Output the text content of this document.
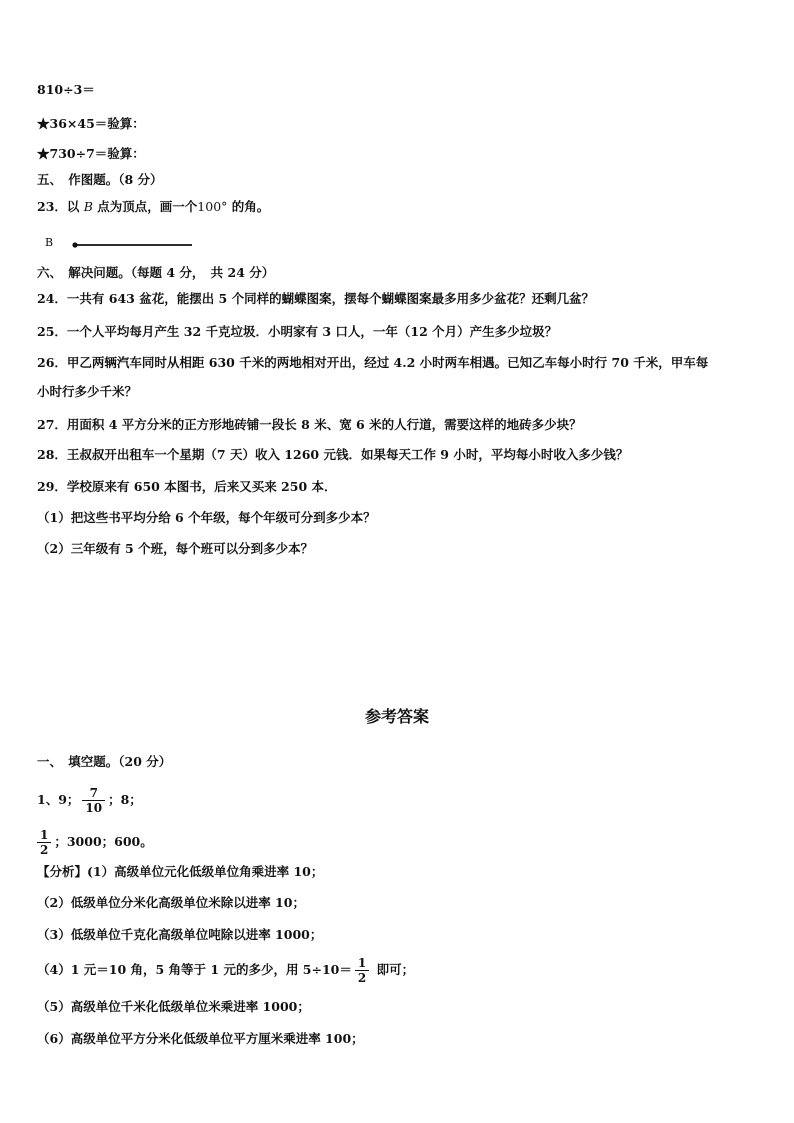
810÷3＝
★36×45＝验算：
★730÷7＝验算：
五、　作图题。（8 分）
23．以 B 点为顶点，画一个100° 的角。
B
六、　解决问题。（每题 4 分，　共 24 分）
24．一共有 643 盆花，能摆出 5 个同样的蝴蝶图案，摆每个蝴蝶图案最多用多少盆花？还剩几盆？
25．一个人平均每月产生 32 千克垃圾．小明家有 3 口人，一年（12 个月）产生多少垃圾？
26．甲乙两辆汽车同时从相距 630 千米的两地相对开出，经过 4.2 小时两车相遇。已知乙车每小时行 70 千米，甲车每
小时行多少千米？
27．用面积 4 平方分米的正方形地砖铺一段长 8 米、宽 6 米的人行道，需要这样的地砖多少块？
28．王叔叔开出租车一个星期（7 天）收入 1260 元钱．如果每天工作 9 小时，平均每小时收入多少钱？
29．学校原来有 650 本图书，后来又买来 250 本．
（1）把这些书平均分给 6 个年级，每个年级可分到多少本？
（2）三年级有 5 个班，每个班可以分到多少本？
参考答案
一、　填空题。（20 分）
1、9； $\frac{7}{10}$ ；8；
$\frac{1}{2}$ ；3000；600。
【分析】(1）高级单位元化低级单位角乘进率 10；
（2）低级单位分米化高级单位米除以进率 10；
（3）低级单位千克化高级单位吨除以进率 1000；
（4）1 元＝10 角，5 角等于 1 元的多少，用 $5\div 10= \frac{1}{2}$ 即可；
（5）高级单位千米化低级单位米乘进率 1000；
（6）高级单位平方分米化低级单位平方厘米乘进率 100；
